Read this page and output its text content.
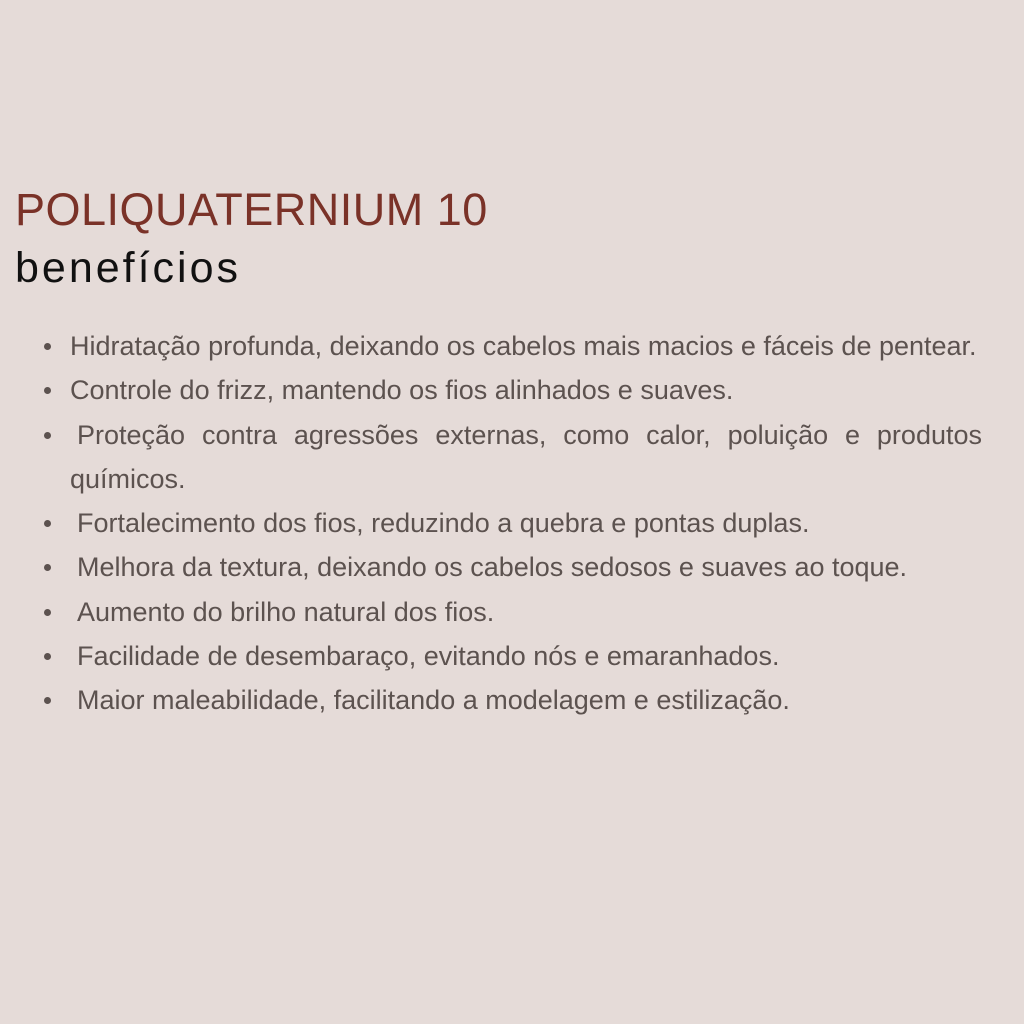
POLIQUATERNIUM 10
benefícios
Hidratação profunda, deixando os cabelos mais macios e fáceis de pentear.
Controle do frizz, mantendo os fios alinhados e suaves.
Proteção contra agressões externas, como calor, poluição e produtos químicos.
Fortalecimento dos fios, reduzindo a quebra e pontas duplas.
Melhora da textura, deixando os cabelos sedosos e suaves ao toque.
Aumento do brilho natural dos fios.
Facilidade de desembaraço, evitando nós e emaranhados.
Maior maleabilidade, facilitando a modelagem e estilização.
